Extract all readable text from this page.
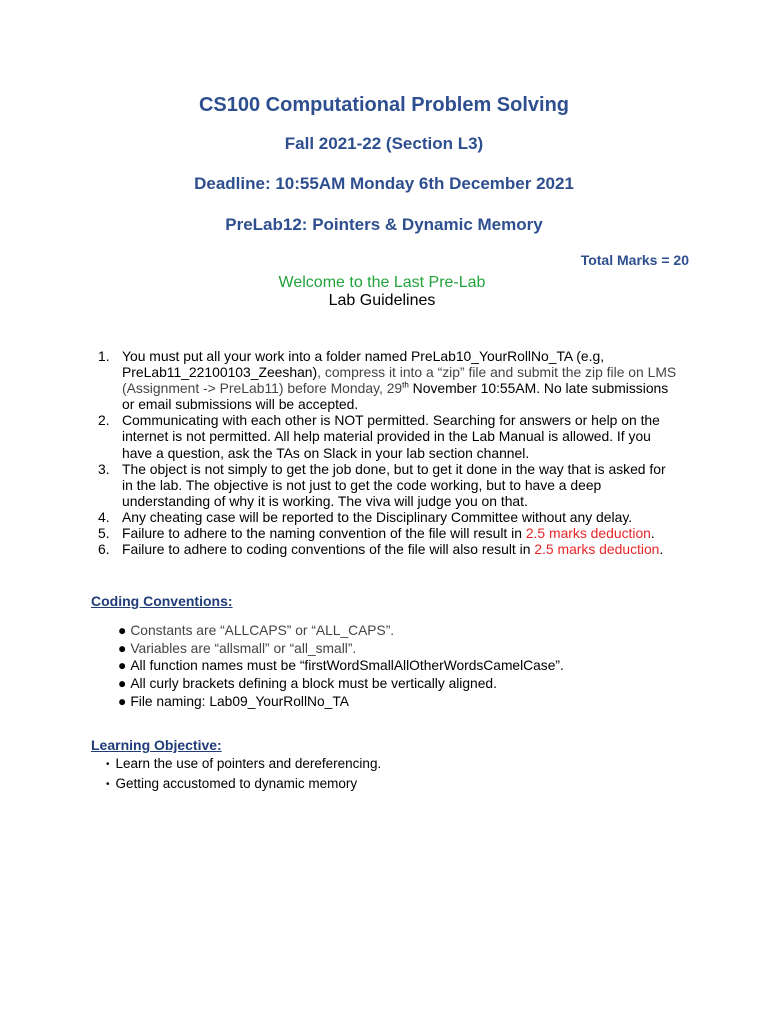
CS100 Computational Problem Solving
Fall 2021-22 (Section L3)
Deadline: 10:55AM Monday 6th December 2021
PreLab12: Pointers & Dynamic Memory
Total Marks = 20
Welcome to the Last Pre-Lab
Lab Guidelines
1. You must put all your work into a folder named PreLab10_YourRollNo_TA (e.g, PreLab11_22100103_Zeeshan), compress it into a “zip” file and submit the zip file on LMS (Assignment -> PreLab11) before Monday, 29th November 10:55AM. No late submissions or email submissions will be accepted.
2. Communicating with each other is NOT permitted. Searching for answers or help on the internet is not permitted. All help material provided in the Lab Manual is allowed. If you have a question, ask the TAs on Slack in your lab section channel.
3. The object is not simply to get the job done, but to get it done in the way that is asked for in the lab. The objective is not just to get the code working, but to have a deep understanding of why it is working. The viva will judge you on that.
4. Any cheating case will be reported to the Disciplinary Committee without any delay.
5. Failure to adhere to the naming convention of the file will result in 2.5 marks deduction.
6. Failure to adhere to coding conventions of the file will also result in 2.5 marks deduction.
Coding Conventions:
● Constants are “ALLCAPS” or “ALL_CAPS”.
● Variables are “allsmall” or “all_small”.
● All function names must be “firstWordSmallAllOtherWordsCamelCase”.
● All curly brackets defining a block must be vertically aligned.
● File naming: Lab09_YourRollNo_TA
Learning Objective:
• Learn the use of pointers and dereferencing.
• Getting accustomed to dynamic memory
